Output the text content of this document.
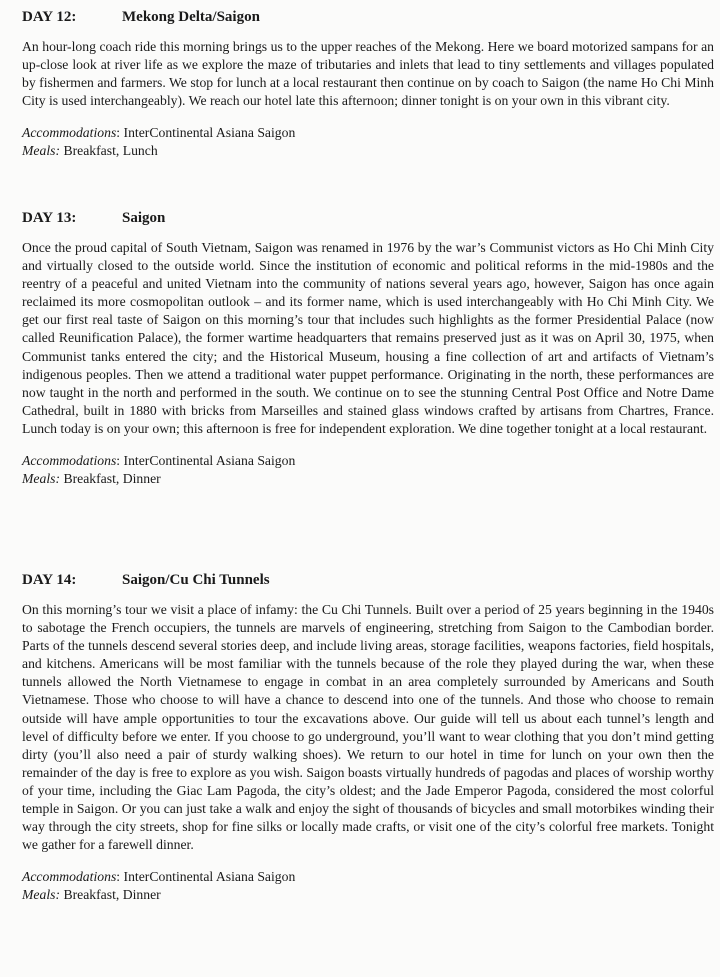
DAY 12:	Mekong Delta/Saigon

An hour-long coach ride this morning brings us to the upper reaches of the Mekong. Here we board motorized sampans for an up-close look at river life as we explore the maze of tributaries and inlets that lead to tiny settlements and villages populated by fishermen and farmers. We stop for lunch at a local restaurant then continue on by coach to Saigon (the name Ho Chi Minh City is used interchangeably). We reach our hotel late this afternoon; dinner tonight is on your own in this vibrant city.

Accommodations: InterContinental Asiana Saigon
Meals: Breakfast, Lunch
DAY 13:	Saigon

Once the proud capital of South Vietnam, Saigon was renamed in 1976 by the war’s Communist victors as Ho Chi Minh City and virtually closed to the outside world. Since the institution of economic and political reforms in the mid-1980s and the reentry of a peaceful and united Vietnam into the community of nations several years ago, however, Saigon has once again reclaimed its more cosmopolitan outlook – and its former name, which is used interchangeably with Ho Chi Minh City. We get our first real taste of Saigon on this morning’s tour that includes such highlights as the former Presidential Palace (now called Reunification Palace), the former wartime headquarters that remains preserved just as it was on April 30, 1975, when Communist tanks entered the city; and the Historical Museum, housing a fine collection of art and artifacts of Vietnam’s indigenous peoples. Then we attend a traditional water puppet performance. Originating in the north, these performances are now taught in the north and performed in the south. We continue on to see the stunning Central Post Office and Notre Dame Cathedral, built in 1880 with bricks from Marseilles and stained glass windows crafted by artisans from Chartres, France. Lunch today is on your own; this afternoon is free for independent exploration. We dine together tonight at a local restaurant.

Accommodations: InterContinental Asiana Saigon
Meals: Breakfast, Dinner
DAY 14:	Saigon/Cu Chi Tunnels

On this morning’s tour we visit a place of infamy: the Cu Chi Tunnels. Built over a period of 25 years beginning in the 1940s to sabotage the French occupiers, the tunnels are marvels of engineering, stretching from Saigon to the Cambodian border. Parts of the tunnels descend several stories deep, and include living areas, storage facilities, weapons factories, field hospitals, and kitchens. Americans will be most familiar with the tunnels because of the role they played during the war, when these tunnels allowed the North Vietnamese to engage in combat in an area completely surrounded by Americans and South Vietnamese. Those who choose to will have a chance to descend into one of the tunnels. And those who choose to remain outside will have ample opportunities to tour the excavations above. Our guide will tell us about each tunnel’s length and level of difficulty before we enter. If you choose to go underground, you’ll want to wear clothing that you don’t mind getting dirty (you’ll also need a pair of sturdy walking shoes). We return to our hotel in time for lunch on your own then the remainder of the day is free to explore as you wish. Saigon boasts virtually hundreds of pagodas and places of worship worthy of your time, including the Giac Lam Pagoda, the city’s oldest; and the Jade Emperor Pagoda, considered the most colorful temple in Saigon. Or you can just take a walk and enjoy the sight of thousands of bicycles and small motorbikes winding their way through the city streets, shop for fine silks or locally made crafts, or visit one of the city’s colorful free markets. Tonight we gather for a farewell dinner.

Accommodations: InterContinental Asiana Saigon
Meals: Breakfast, Dinner
